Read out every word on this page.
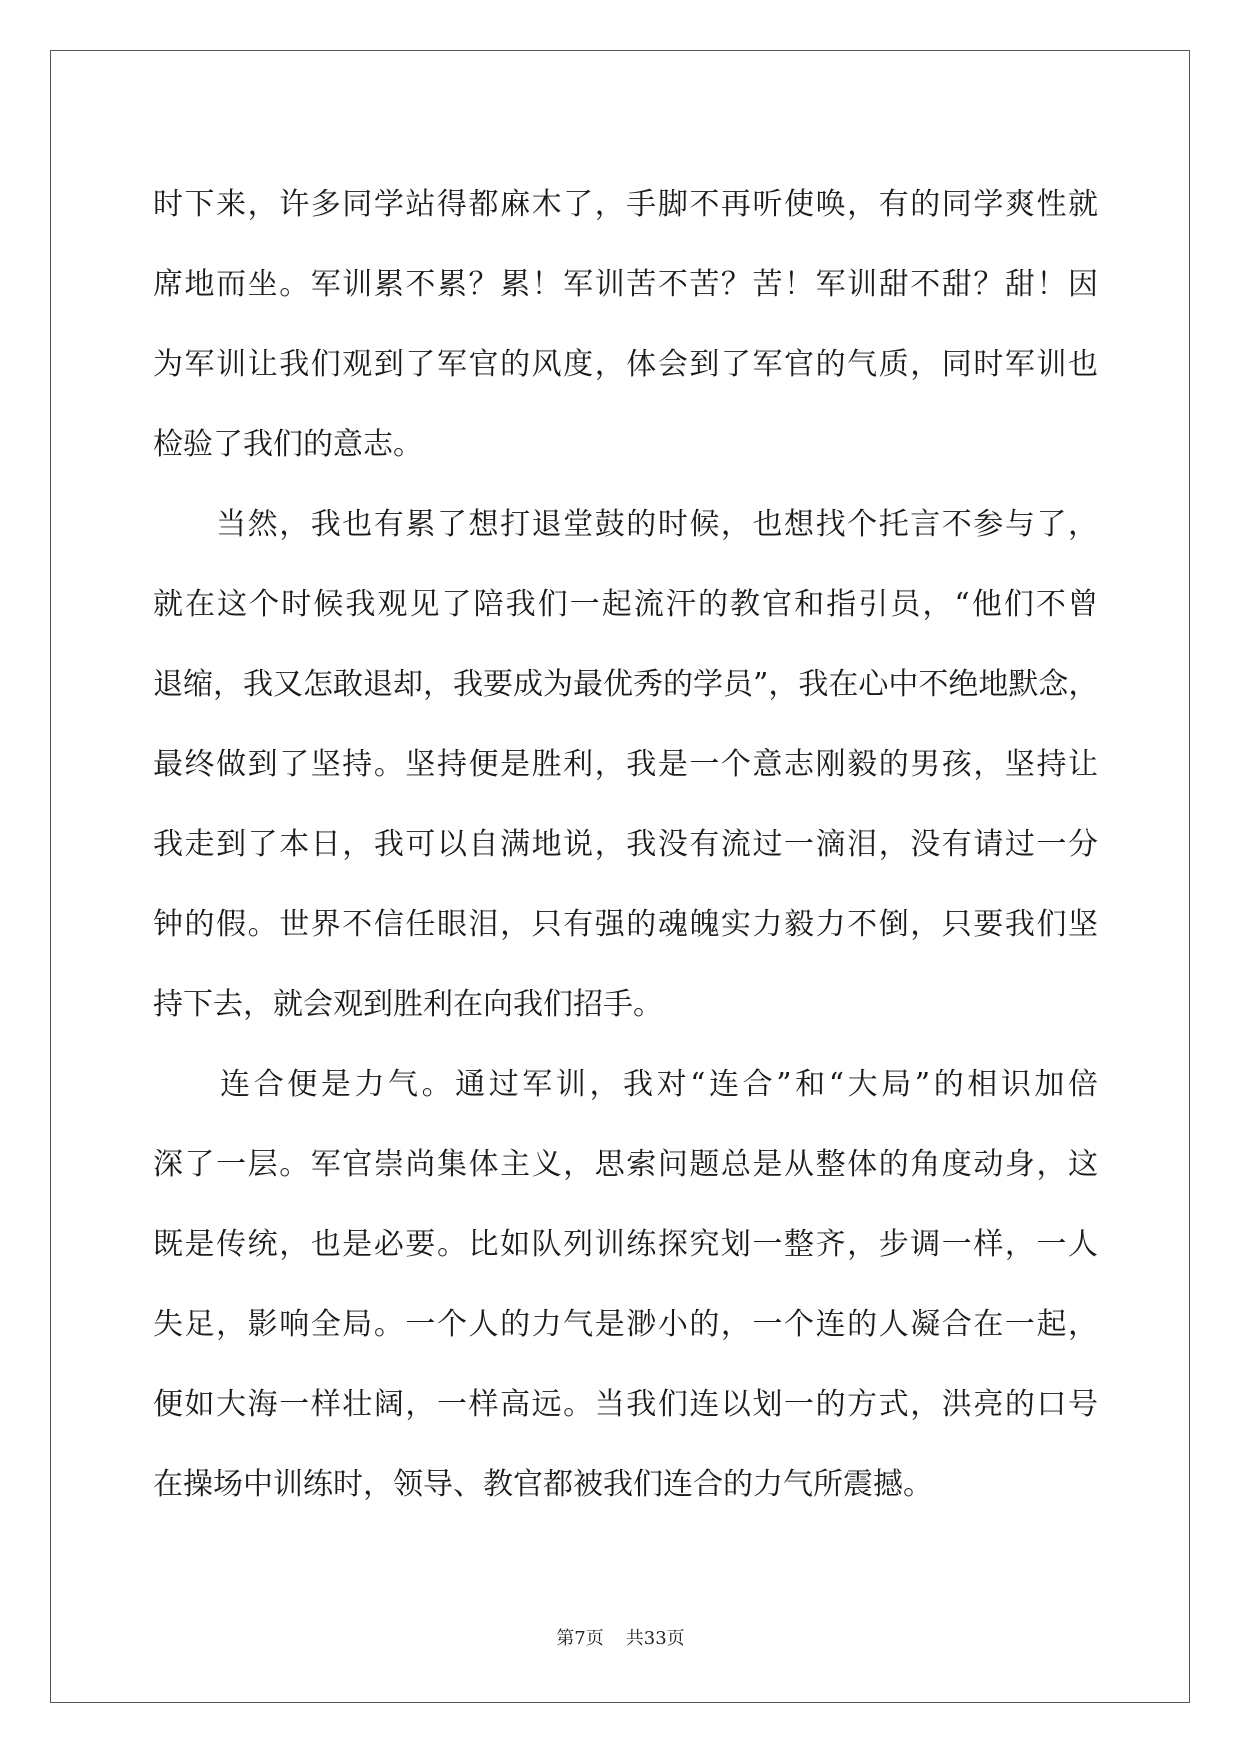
时下来，许多同学站得都麻木了，手脚不再听使唤，有的同学爽性就
席地而坐。军训累不累？累！军训苦不苦？苦！军训甜不甜？甜！因
为军训让我们观到了军官的风度，体会到了军官的气质，同时军训也
检验了我们的意志。
　　当然，我也有累了想打退堂鼓的时候，也想找个托言不参与了，
就在这个时候我观见了陪我们一起流汗的教官和指引员，“他们不曾
退缩，我又怎敢退却，我要成为最优秀的学员”，我在心中不绝地默念，
最终做到了坚持。坚持便是胜利，我是一个意志刚毅的男孩，坚持让
我走到了本日，我可以自满地说，我没有流过一滴泪，没有请过一分
钟的假。世界不信任眼泪，只有强的魂魄实力毅力不倒，只要我们坚
持下去，就会观到胜利在向我们招手。
　　连合便是力气。通过军训，我对“连合”和“大局”的相识加倍
深了一层。军官崇尚集体主义，思索问题总是从整体的角度动身，这
既是传统，也是必要。比如队列训练探究划一整齐，步调一样，一人
失足，影响全局。一个人的力气是渺小的，一个连的人凝合在一起，
便如大海一样壮阔，一样高远。当我们连以划一的方式，洪亮的口号
在操场中训练时，领导、教官都被我们连合的力气所震撼。
第7页 共33页
